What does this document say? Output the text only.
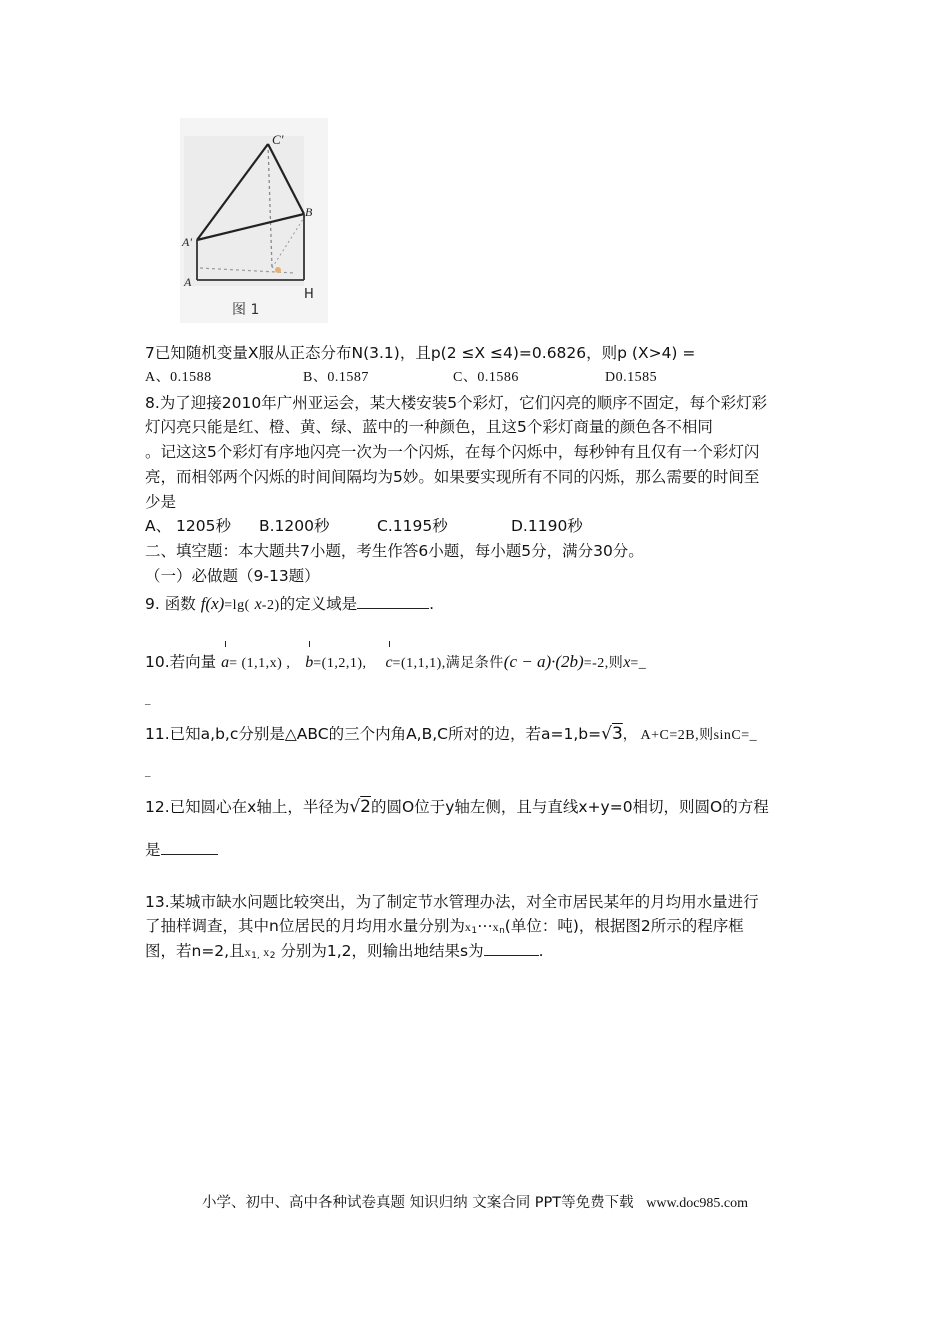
C'
B
A'
A
H
图 1
7已知随机变量X服从正态分布N(3.1)，且p(2 ≤X ≤4)=0.6826，则p (X>4) =
A、0.1588	B、0.1587	C、0.1586	D0.1585
8.为了迎接2010年广州亚运会，某大楼安装5个彩灯，它们闪亮的顺序不固定，每个彩灯彩
灯闪亮只能是红、橙、黄、绿、蓝中的一种颜色，且这5个彩灯商量的颜色各不相同
。记这这5个彩灯有序地闪亮一次为一个闪烁，在每个闪烁中，每秒钟有且仅有一个彩灯闪
亮，而相邻两个闪烁的时间间隔均为5妙。如果要实现所有不同的闪烁，那么需要的时间至
少是
A、 1205秒 B.1200秒	C.1195秒	D.1190秒
二、填空题：本大题共7小题，考生作答6小题，每小题5分，满分30分。
（一）必做题（9-13题）
9. 函数 f(x)=lg( x-2)的定义域是	.
10.若向量 a= (1,1,x) , b=(1,2,1), c=(1,1,1),满足条件(c − a)·(2b)=-2,则x=_
_
11.已知a,b,c分别是△ABC的三个内角A,B,C所对的边，若a=1,b=√3， A+C=2B,则sinC=_
_
12.已知圆心在x轴上，半径为√2的圆O位于y轴左侧，且与直线x+y=0相切，则圆O的方程
是
13.某城市缺水问题比较突出，为了制定节水管理办法，对全市居民某年的月均用水量进行
了抽样调查，其中n位居民的月均用水量分别为$x_1\cdots x_n$(单位：吨)，根据图2所示的程序框
图，若n=2,且$x_{1,}$ $x_2$ 分别为1,2，则输出地结果s为	.
小学、初中、高中各种试卷真题 知识归纳 文案合同 PPT等免费下载 www.doc985.com
